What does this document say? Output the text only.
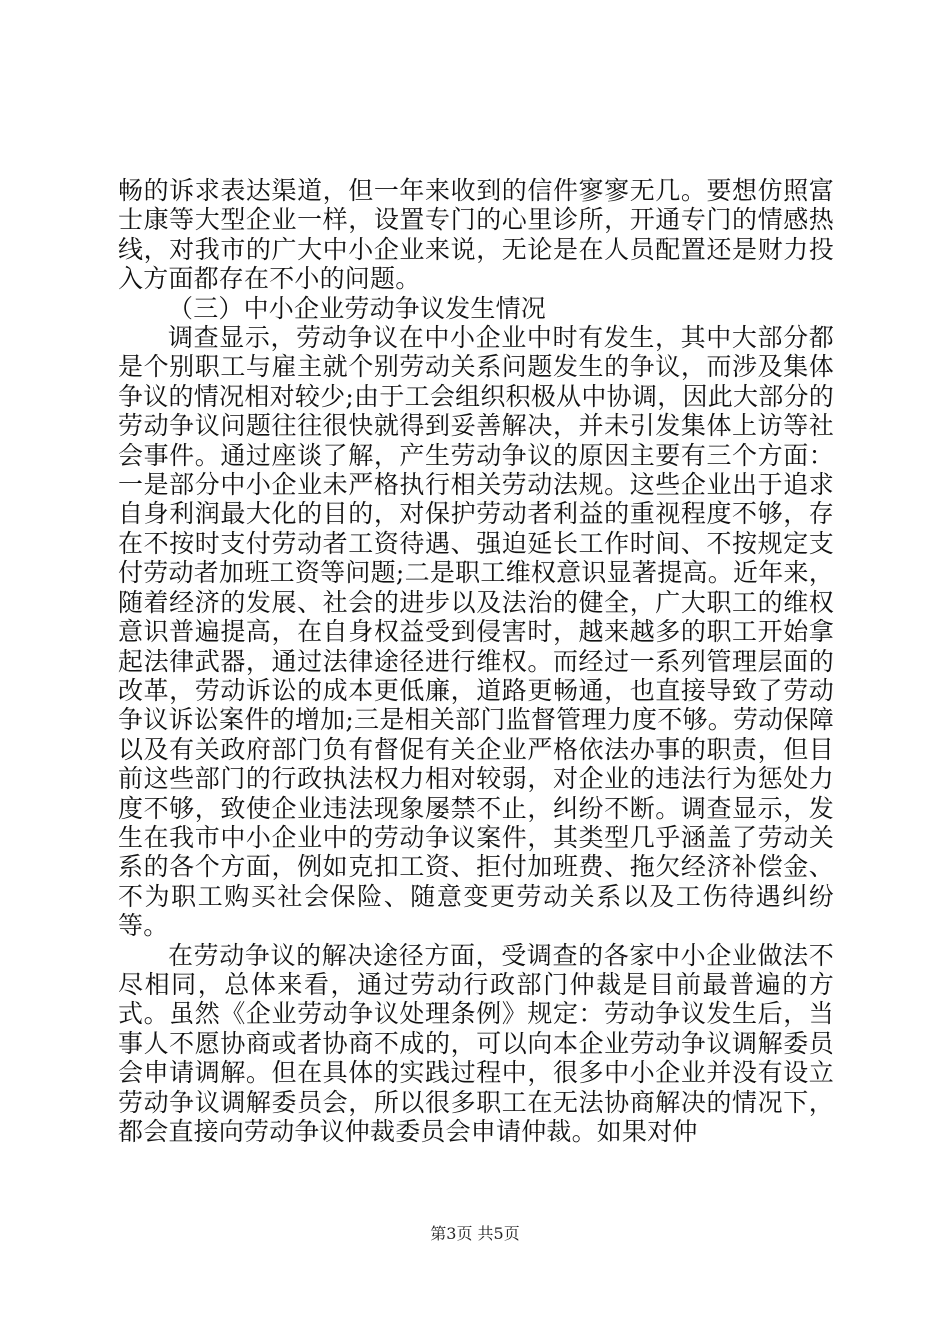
畅的诉求表达渠道，但一年来收到的信件寥寥无几。要想仿照富士康等大型企业一样，设置专门的心里诊所，开通专门的情感热线，对我市的广大中小企业来说，无论是在人员配置还是财力投入方面都存在不小的问题。

（三）中小企业劳动争议发生情况

调查显示，劳动争议在中小企业中时有发生，其中大部分都是个别职工与雇主就个别劳动关系问题发生的争议，而涉及集体争议的情况相对较少;由于工会组织积极从中协调，因此大部分的劳动争议问题往往很快就得到妥善解决，并未引发集体上访等社会事件。通过座谈了解，产生劳动争议的原因主要有三个方面：一是部分中小企业未严格执行相关劳动法规。这些企业出于追求自身利润最大化的目的，对保护劳动者利益的重视程度不够，存在不按时支付劳动者工资待遇、强迫延长工作时间、不按规定支付劳动者加班工资等问题;二是职工维权意识显著提高。近年来，随着经济的发展、社会的进步以及法治的健全，广大职工的维权意识普遍提高，在自身权益受到侵害时，越来越多的职工开始拿起法律武器，通过法律途径进行维权。而经过一系列管理层面的改革，劳动诉讼的成本更低廉，道路更畅通，也直接导致了劳动争议诉讼案件的增加;三是相关部门监督管理力度不够。劳动保障以及有关政府部门负有督促有关企业严格依法办事的职责，但目前这些部门的行政执法权力相对较弱，对企业的违法行为惩处力度不够，致使企业违法现象屡禁不止，纠纷不断。调查显示，发生在我市中小企业中的劳动争议案件，其类型几乎涵盖了劳动关系的各个方面，例如克扣工资、拒付加班费、拖欠经济补偿金、不为职工购买社会保险、随意变更劳动关系以及工伤待遇纠纷等。

在劳动争议的解决途径方面，受调查的各家中小企业做法不尽相同，总体来看，通过劳动行政部门仲裁是目前最普遍的方式。虽然《企业劳动争议处理条例》规定：劳动争议发生后，当事人不愿协商或者协商不成的，可以向本企业劳动争议调解委员会申请调解。但在具体的实践过程中，很多中小企业并没有设立劳动争议调解委员会，所以很多职工在无法协商解决的情况下，都会直接向劳动争议仲裁委员会申请仲裁。如果对仲

第3页 共5页
